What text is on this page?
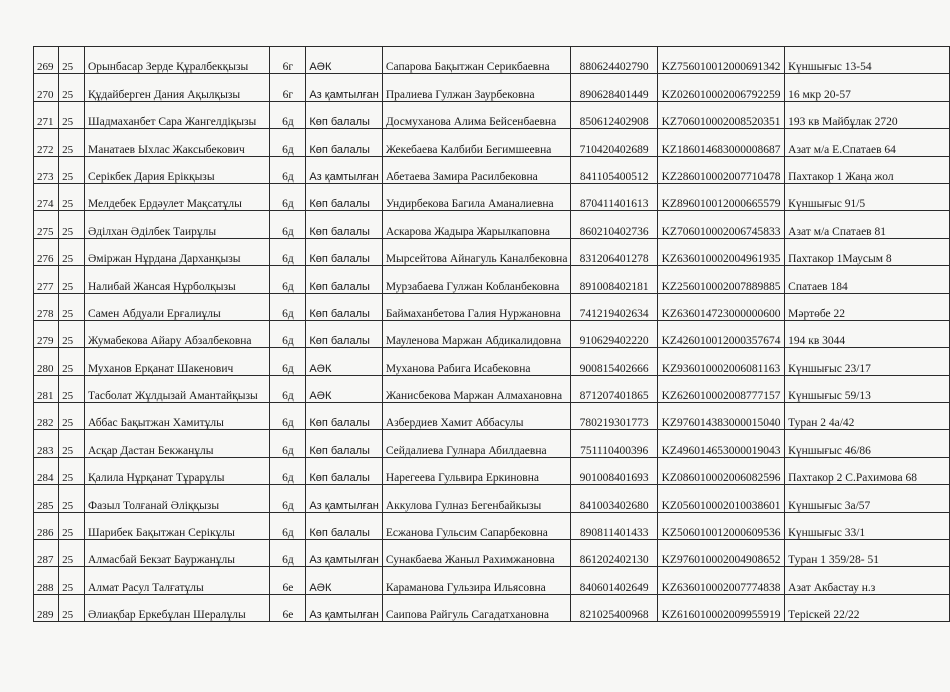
269	25	Орынбасар Зерде Құралбекқызы	6г	АӘК	Сапарова Бақытжан Серикбаевна	880624402790	KZ756010012000691342	Күншығыс 13-54
270	25	Құдайберген Дания Ақылқызы	6г	Аз қамтылған	Пралиева Гулжан Заурбековна	890628401449	KZ026010002006792259	16 мкр 20-57
271	25	Шадмаханбет Сара Жангелдіқызы	6д	Көп балалы	Досмуханова Алима Бейсенбаевна	850612402908	KZ706010002008520351	193 кв Майбұлак 2720
272	25	Манатаев Ыхлас Жаксыбекович	6д	Көп балалы	Жекебаева Калбиби Бегимшеевна	710420402689	KZ186014683000008687	Азат м/а Е.Спатаев 64
273	25	Серікбек Дария Ерікқызы	6д	Аз қамтылған	Абетаева Замира Расилбековна	841105400512	KZ286010002007710478	Пахтакор 1 Жаңа жол
274	25	Мелдебек Ердәулет Мақсатұлы	6д	Көп балалы	Ундирбекова Багила Аманалиевна	870411401613	KZ896010012000665579	Күншығыс 91/5
275	25	Әділхан Әділбек Таирұлы	6д	Көп балалы	Аскарова Жадыра Жарылкаповна	860210402736	KZ706010002006745833	Азат м/а Спатаев 81
276	25	Әміржан Нұрдана Дарханқызы	6д	Көп балалы	Мырсейтова Айнагуль Каналбековна	831206401278	KZ636010002004961935	Пахтакор 1Маусым 8
277	25	Налибай Жансая Нұрболқызы	6д	Көп балалы	Мурзабаева Гулжан Кобланбековна	891008402181	KZ256010002007889885	Спатаев 184
278	25	Самен Абдуали Ерғалиұлы	6д	Көп балалы	Баймаханбетова Галия Нуржановна	741219402634	KZ636014723000000600	Мәртөбе 22
279	25	Жумабекова Айару Абзалбековна	6д	Көп балалы	Мауленова Маржан Абдикалидовна	910629402220	KZ426010012000357674	194 кв 3044
280	25	Муханов Ерқанат Шакенович	6д	АӘК	Муханова Рабига Исабековна	900815402666	KZ936010002006081163	Күншығыс 23/17
281	25	Тасболат Жұлдызай Амантайқызы	6д	АӘК	Жанисбекова Маржан Алмахановна	871207401865	KZ626010002008777157	Күншығыс 59/13
282	25	Аббас Бақытжан Хамитұлы	6д	Көп балалы	Азбердиев Хамит Аббасулы	780219301773	KZ976014383000015040	Туран 2 4а/42
283	25	Асқар Дастан Бекжанұлы	6д	Көп балалы	Сейдалиева Гулнара Абилдаевна	751110400396	KZ496014653000019043	Күншығыс 46/86
284	25	Қалила Нұрқанат Тұрарұлы	6д	Көп балалы	Нарегеева Гульвира Еркиновна	901008401693	KZ086010002006082596	Пахтакор 2 С.Рахимова 68
285	25	Фазыл Толғанай Әліққызы	6д	Аз қамтылған	Аккулова Гулназ Бегенбайкызы	841003402680	KZ056010002010038601	Күншығыс 3а/57
286	25	Шарибек Бақытжан Серікұлы	6д	Көп балалы	Есжанова Гульсим Сапарбековна	890811401433	KZ506010012000609536	Күншығыс 33/1
287	25	Алмасбай Бекзат Бауржанұлы	6д	Аз қамтылған	Сунакбаева Жаныл Рахимжановна	861202402130	KZ976010002004908652	Туран 1 359/28- 51
288	25	Алмат Расул Талғатұлы	6е	АӘК	Караманова Гульзира Ильясовна	840601402649	KZ636010002007774838	Азат Акбастау н.з
289	25	Әлиақбар Еркебұлан Шералұлы	6е	Аз қамтылған	Саипова Райгуль Сагадатхановна	821025400968	KZ616010002009955919	Терiскей 22/22
